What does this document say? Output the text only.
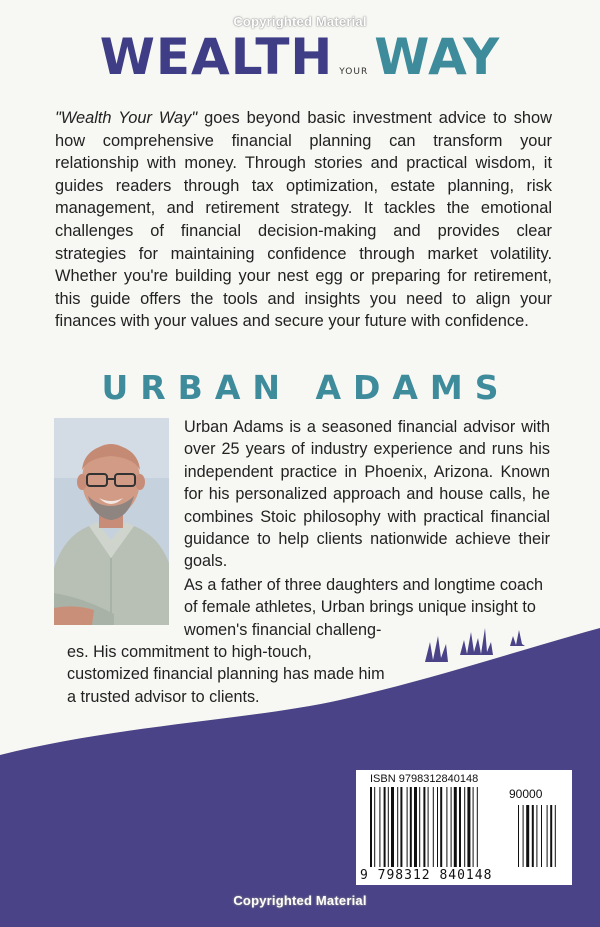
Copyrighted Material
WEALTH YOUR WAY

"Wealth Your Way" goes beyond basic investment advice to show how comprehensive financial planning can transform your relationship with money. Through stories and practical wisdom, it guides readers through tax optimization, estate planning, risk management, and retirement strategy. It tackles the emotional challenges of financial decision-making and provides clear strategies for maintaining confidence through market volatility. Whether you're building your nest egg or preparing for retirement, this guide offers the tools and insights you need to align your finances with your values and secure your future with confidence.

URBAN ADAMS

Urban Adams is a seasoned financial advisor with over 25 years of industry experience and runs his independent practice in Phoenix, Arizona. Known for his personalized approach and house calls, he combines Stoic philosophy with practical financial guidance to help clients nationwide achieve their goals.

As a father of three daughters and longtime coach of female athletes, Urban brings unique insight to women's financial challeng-

es. His commitment to high-touch, customized financial planning has made him a trusted advisor to clients.

ISBN 9798312840148
90000
9 798312 840148
Copyrighted Material
